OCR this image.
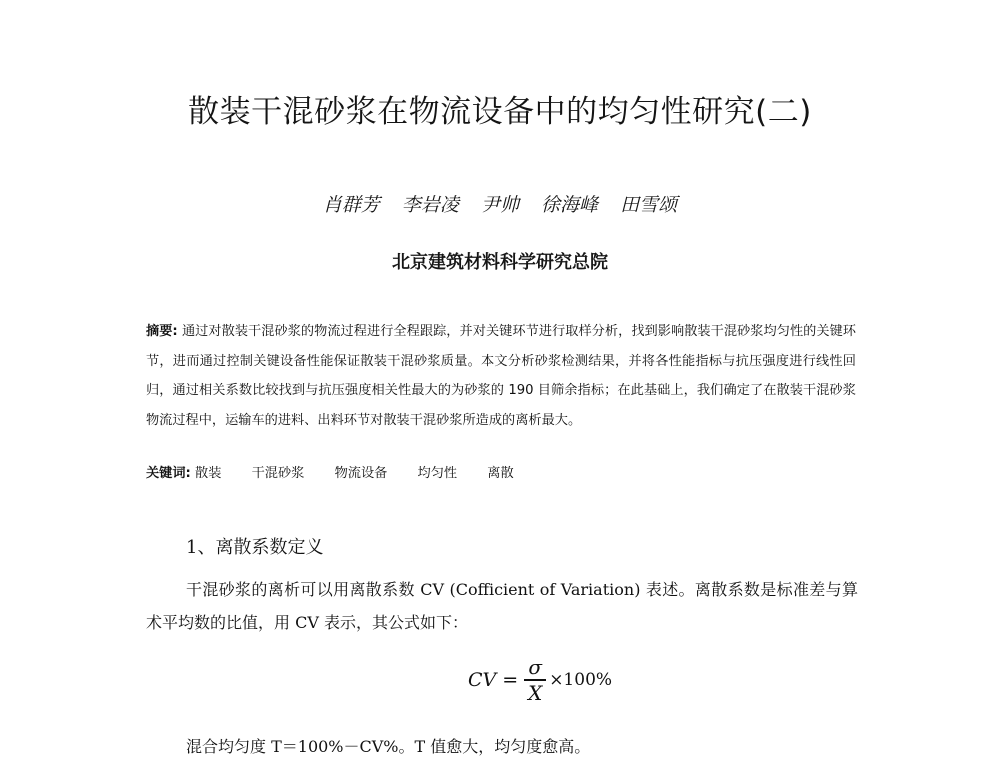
散装干混砂浆在物流设备中的均匀性研究(二)
肖群芳 李岩凌 尹帅 徐海峰 田雪颂
北京建筑材料科学研究总院
摘要: 通过对散装干混砂浆的物流过程进行全程跟踪，并对关键环节进行取样分析，找到影响散装干混砂浆均匀性的关键环节，进而通过控制关键设备性能保证散装干混砂浆质量。本文分析砂浆检测结果，并将各性能指标与抗压强度进行线性回归，通过相关系数比较找到与抗压强度相关性最大的为砂浆的 190 目筛余指标；在此基础上，我们确定了在散装干混砂浆物流过程中，运输车的进料、出料环节对散装干混砂浆所造成的离析最大。
关键词: 散装 干混砂浆 物流设备 均匀性 离散
1、离散系数定义
干混砂浆的离析可以用离散系数 CV (Cofficient of Variation) 表述。离散系数是标准差与算术平均数的比值，用 CV 表示，其公式如下：
CV = $\frac{\sigma}{X} \times 100\%$
混合均匀度 T＝100%－CV%。T 值愈大，均匀度愈高。
